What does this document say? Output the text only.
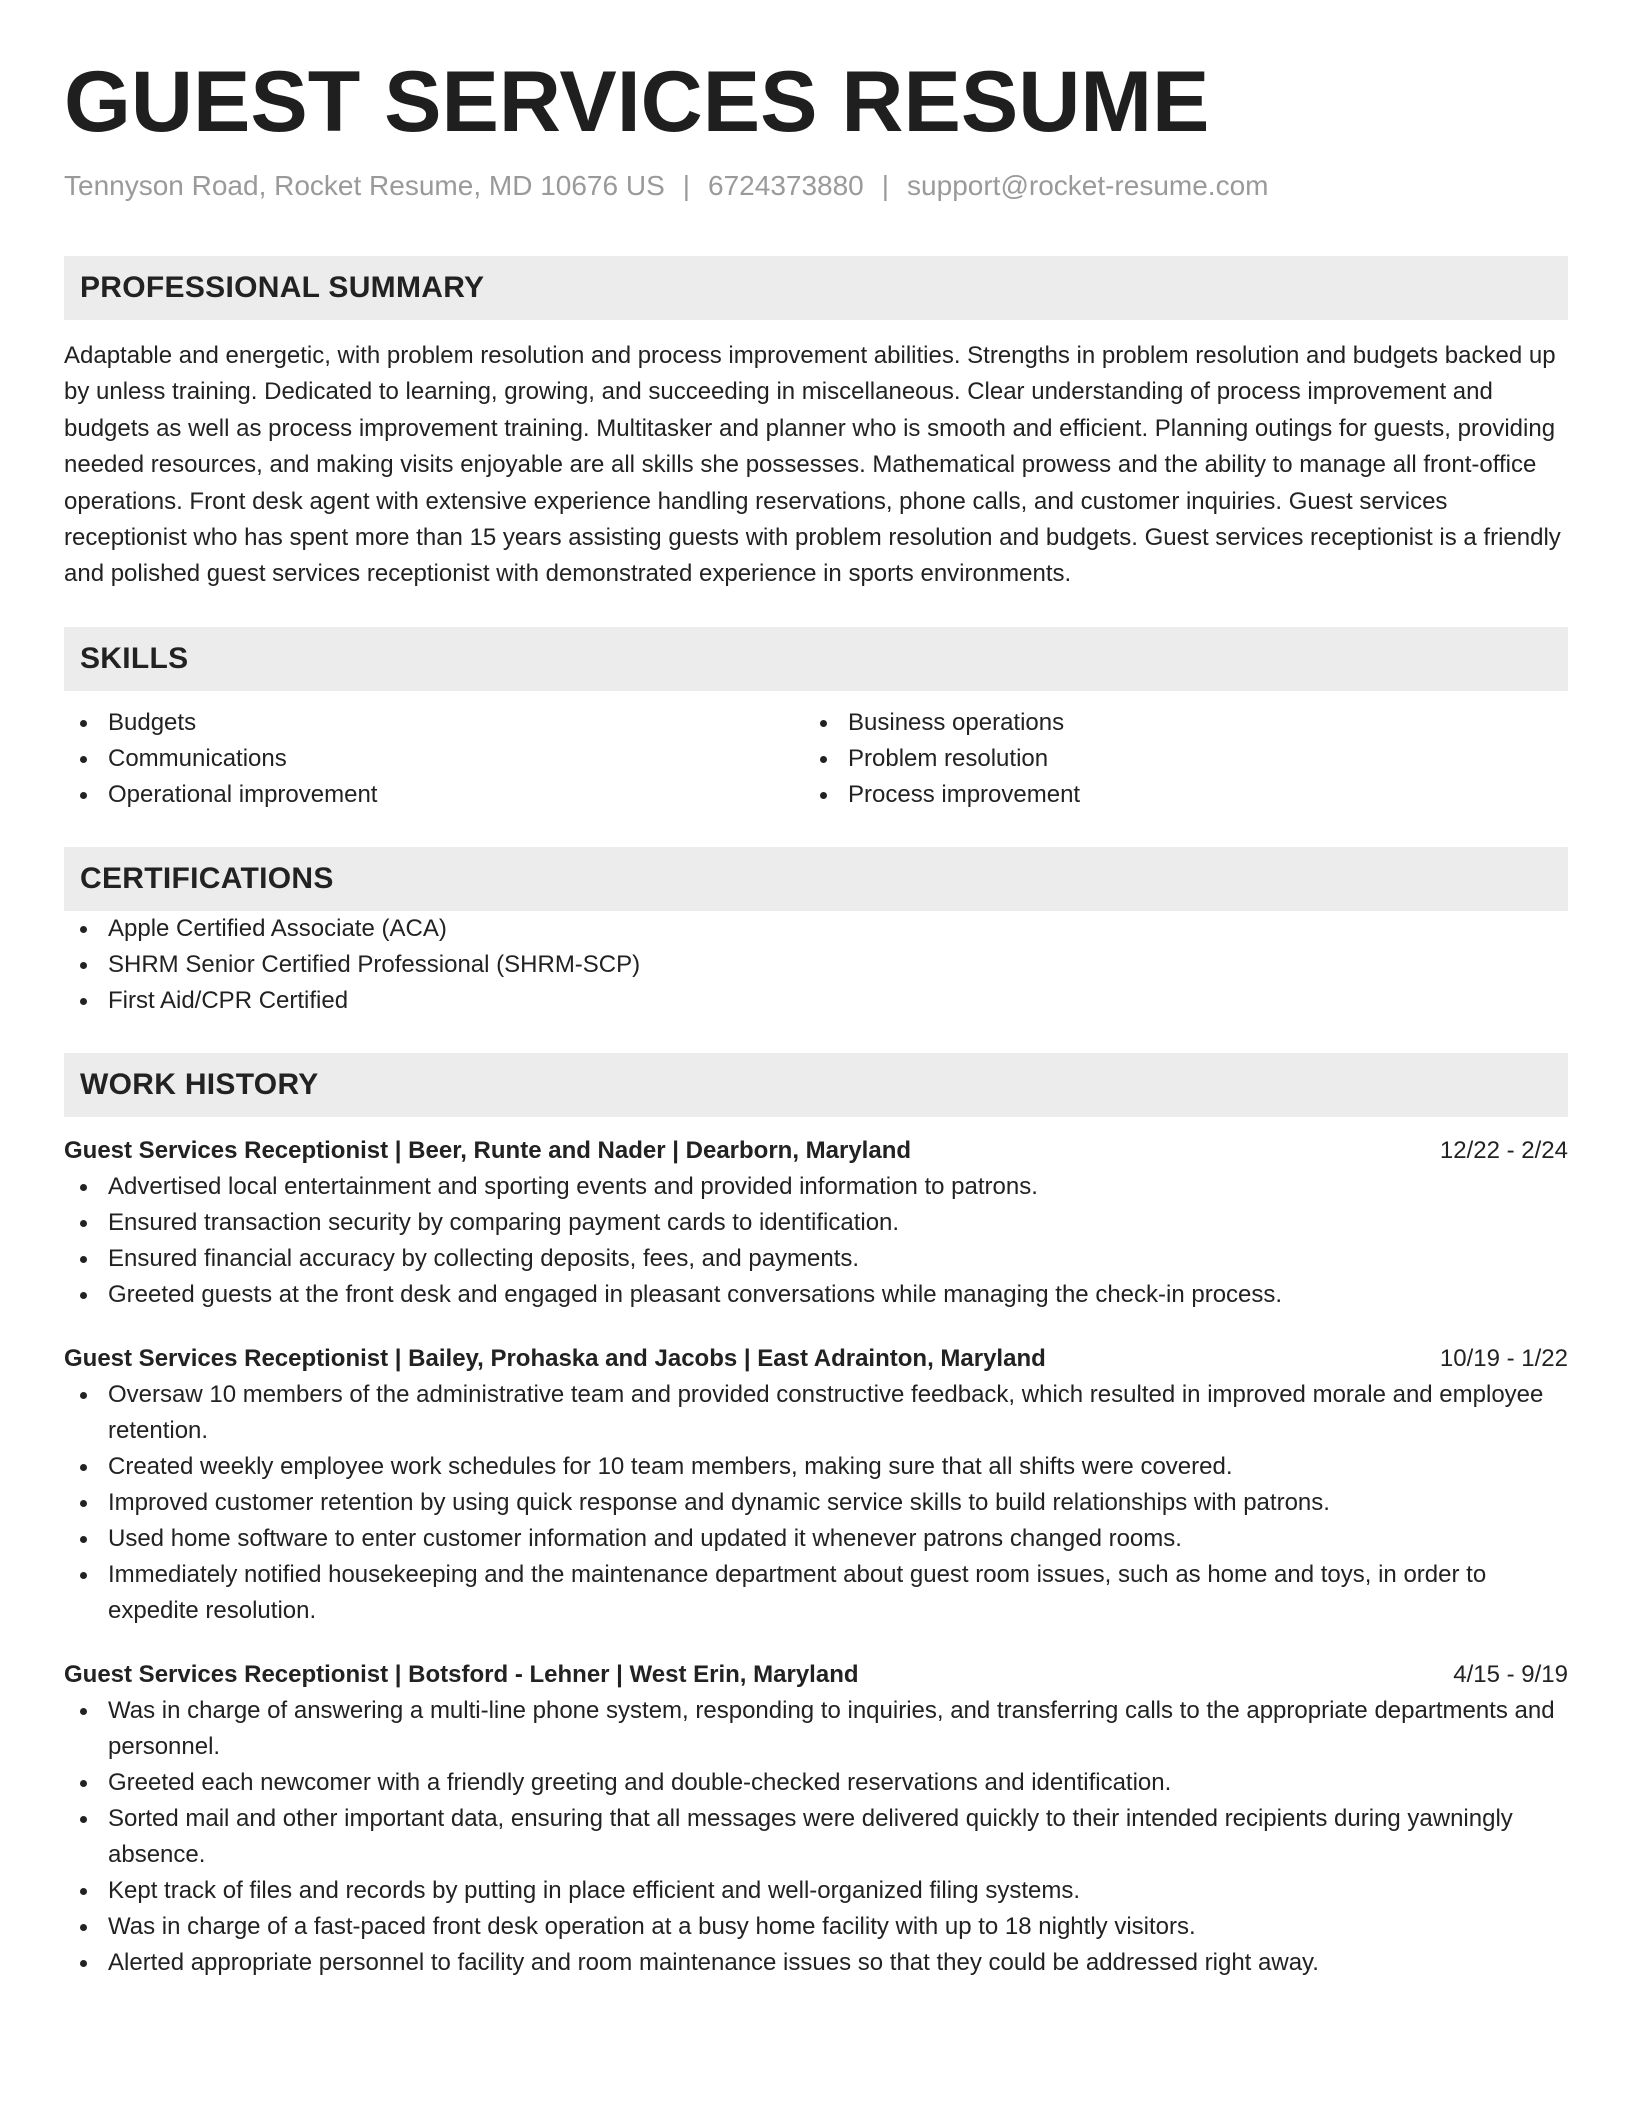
GUEST SERVICES RESUME
Tennyson Road, Rocket Resume, MD 10676 US | 6724373880 | support@rocket-resume.com
PROFESSIONAL SUMMARY

Adaptable and energetic, with problem resolution and process improvement abilities. Strengths in problem resolution and budgets backed up by unless training. Dedicated to learning, growing, and succeeding in miscellaneous. Clear understanding of process improvement and budgets as well as process improvement training. Multitasker and planner who is smooth and efficient. Planning outings for guests, providing needed resources, and making visits enjoyable are all skills she possesses. Mathematical prowess and the ability to manage all front-office operations. Front desk agent with extensive experience handling reservations, phone calls, and customer inquiries. Guest services receptionist who has spent more than 15 years assisting guests with problem resolution and budgets. Guest services receptionist is a friendly and polished guest services receptionist with demonstrated experience in sports environments.

SKILLS
Budgets
Communications
Operational improvement
Business operations
Problem resolution
Process improvement
CERTIFICATIONS
Apple Certified Associate (ACA)
SHRM Senior Certified Professional (SHRM-SCP)
First Aid/CPR Certified
WORK HISTORY
Guest Services Receptionist | Beer, Runte and Nader | Dearborn, Maryland	12/22 - 2/24
Advertised local entertainment and sporting events and provided information to patrons.
Ensured transaction security by comparing payment cards to identification.
Ensured financial accuracy by collecting deposits, fees, and payments.
Greeted guests at the front desk and engaged in pleasant conversations while managing the check-in process.
Guest Services Receptionist | Bailey, Prohaska and Jacobs | East Adrainton, Maryland	10/19 - 1/22
Oversaw 10 members of the administrative team and provided constructive feedback, which resulted in improved morale and employee retention.
Created weekly employee work schedules for 10 team members, making sure that all shifts were covered.
Improved customer retention by using quick response and dynamic service skills to build relationships with patrons.
Used home software to enter customer information and updated it whenever patrons changed rooms.
Immediately notified housekeeping and the maintenance department about guest room issues, such as home and toys, in order to expedite resolution.
Guest Services Receptionist | Botsford - Lehner | West Erin, Maryland	4/15 - 9/19
Was in charge of answering a multi-line phone system, responding to inquiries, and transferring calls to the appropriate departments and personnel.
Greeted each newcomer with a friendly greeting and double-checked reservations and identification.
Sorted mail and other important data, ensuring that all messages were delivered quickly to their intended recipients during yawningly absence.
Kept track of files and records by putting in place efficient and well-organized filing systems.
Was in charge of a fast-paced front desk operation at a busy home facility with up to 18 nightly visitors.
Alerted appropriate personnel to facility and room maintenance issues so that they could be addressed right away.
